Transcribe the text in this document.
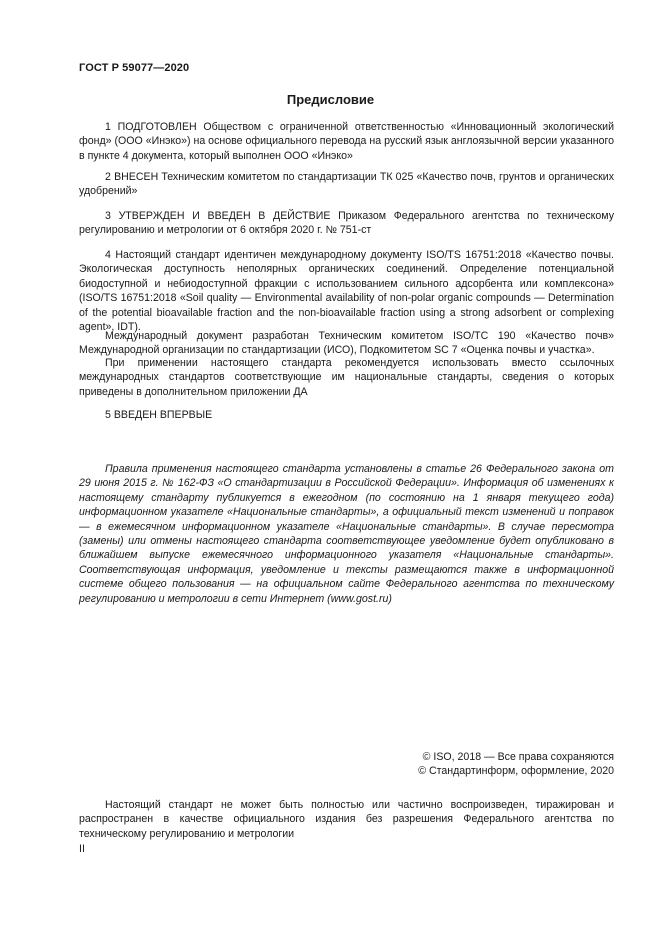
ГОСТ Р 59077—2020
Предисловие
1 ПОДГОТОВЛЕН Обществом с ограниченной ответственностью «Инновационный экологический фонд» (ООО «Инэко») на основе официального перевода на русский язык англоязычной версии указанного в пункте 4 документа, который выполнен ООО «Инэко»
2 ВНЕСЕН Техническим комитетом по стандартизации ТК 025 «Качество почв, грунтов и органических удобрений»
3 УТВЕРЖДЕН И ВВЕДЕН В ДЕЙСТВИЕ Приказом Федерального агентства по техническому регулированию и метрологии от 6 октября 2020 г. № 751-ст
4 Настоящий стандарт идентичен международному документу ISO/TS 16751:2018 «Качество почвы. Экологическая доступность неполярных органических соединений. Определение потенциальной биодоступной и небиодоступной фракции с использованием сильного адсорбента или комплексона» (ISO/TS 16751:2018 «Soil quality — Environmental availability of non-polar organic compounds — Determination of the potential bioavailable fraction and the non-bioavailable fraction using a strong adsorbent or complexing agent», IDT).
Международный документ разработан Техническим комитетом ISO/TC 190 «Качество почв» Международной организации по стандартизации (ИСО), Подкомитетом SC 7 «Оценка почвы и участка».
При применении настоящего стандарта рекомендуется использовать вместо ссылочных международных стандартов соответствующие им национальные стандарты, сведения о которых приведены в дополнительном приложении ДА
5 ВВЕДЕН ВПЕРВЫЕ
Правила применения настоящего стандарта установлены в статье 26 Федерального закона от 29 июня 2015 г. № 162-ФЗ «О стандартизации в Российской Федерации». Информация об изменениях к настоящему стандарту публикуется в ежегодном (по состоянию на 1 января текущего года) информационном указателе «Национальные стандарты», а официальный текст изменений и поправок — в ежемесячном информационном указателе «Национальные стандарты». В случае пересмотра (замены) или отмены настоящего стандарта соответствующее уведомление будет опубликовано в ближайшем выпуске ежемесячного информационного указателя «Национальные стандарты». Соответствующая информация, уведомление и тексты размещаются также в информационной системе общего пользования — на официальном сайте Федерального агентства по техническому регулированию и метрологии в сети Интернет (www.gost.ru)
© ISO, 2018 — Все права сохраняются
© Стандартинформ, оформление, 2020
Настоящий стандарт не может быть полностью или частично воспроизведен, тиражирован и распространен в качестве официального издания без разрешения Федерального агентства по техническому регулированию и метрологии
II
